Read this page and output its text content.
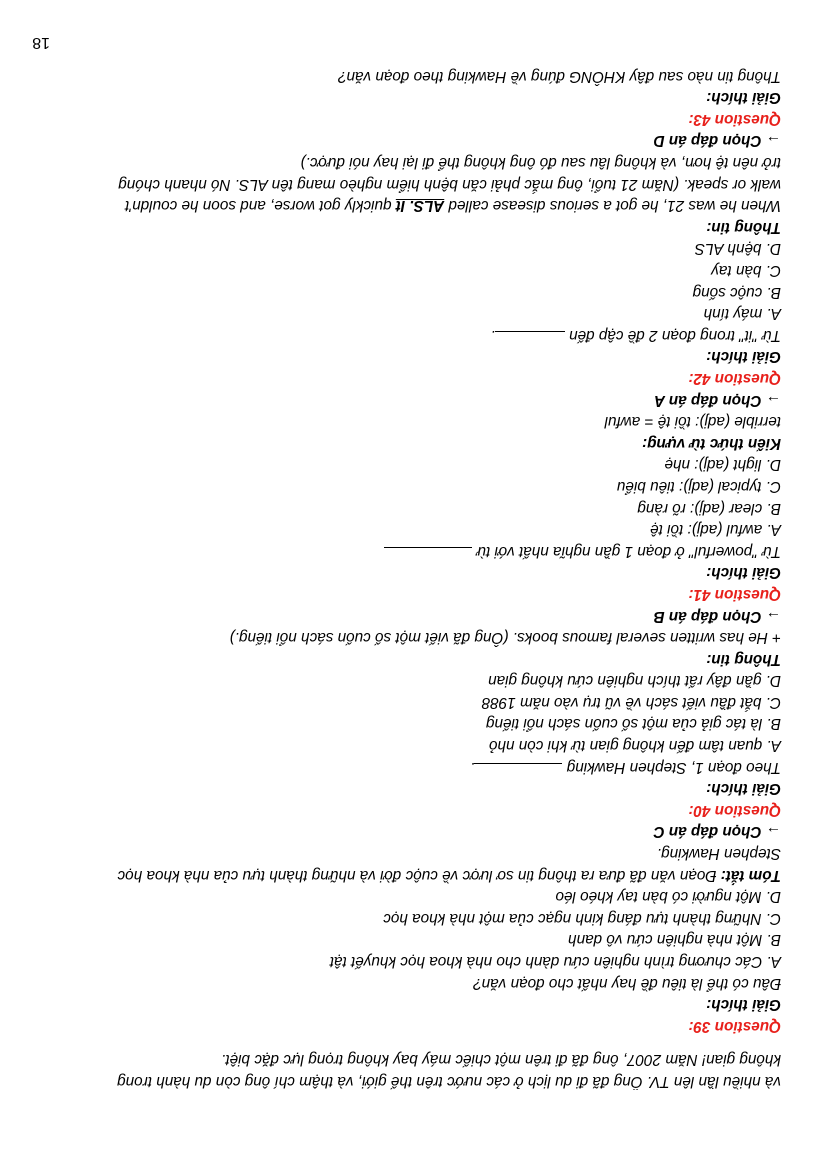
và nhiều lần lên TV. Ông đã đi du lịch ở các nước trên thế giới, và thậm chí ông còn du hành trong

không gian! Năm 2007, ông đã đi trên một chiếc máy bay không trọng lực đặc biệt.

Question 39:

Giải thích:

Đâu có thể là tiêu đề hay nhất cho đoạn văn?

A. Các chương trình nghiên cứu dành cho nhà khoa học khuyết tật

B. Một nhà nghiên cứu vô danh

C. Những thành tựu đáng kinh ngạc của một nhà khoa học

D. Một người có bàn tay khéo léo

Tóm tắt: Đoạn văn đã đưa ra thông tin sơ lược về cuộc đời và những thành tựu của nhà khoa học

Stephen Hawking.

→ Chọn đáp án C

Question 40:

Giải thích:

Theo đoạn 1, Stephen Hawking .

A. quan tâm đến không gian từ khi còn nhỏ

B. là tác giả của một số cuốn sách nổi tiếng

C. bắt đầu viết sách về vũ trụ vào năm 1988

D. gần đây rất thích nghiên cứu không gian

Thông tin:

+ He has written several famous books. (Ông đã viết một số cuốn sách nổi tiếng.)

→ Chọn đáp án B

Question 41:

Giải thích:

Từ "powerful" ở đoạn 1 gần nghĩa nhất với từ

A. awful (adj): tồi tệ

B. clear (adj): rõ ràng

C. typical (adj): tiêu biểu

D. light (adj): nhẹ

Kiến thức từ vựng:

terrible (adj): tồi tệ = awful

→ Chọn đáp án A

Question 42:

Giải thích:

Từ "it" trong đoạn 2 đề cập đến .

A. máy tính

B. cuộc sống

C. bàn tay

D. bệnh ALS

Thông tin:

When he was 21, he got a serious disease called ALS. It quickly got worse, and soon he couldn't

walk or speak. (Năm 21 tuổi, ông mắc phải căn bệnh hiểm nghèo mang tên ALS. Nó nhanh chóng

trở nên tệ hơn, và không lâu sau đó ông không thể đi lại hay nói được.)

→ Chọn đáp án D

Question 43:

Giải thích:

Thông tin nào sau đây KHÔNG đúng về Hawking theo đoạn văn?

18
